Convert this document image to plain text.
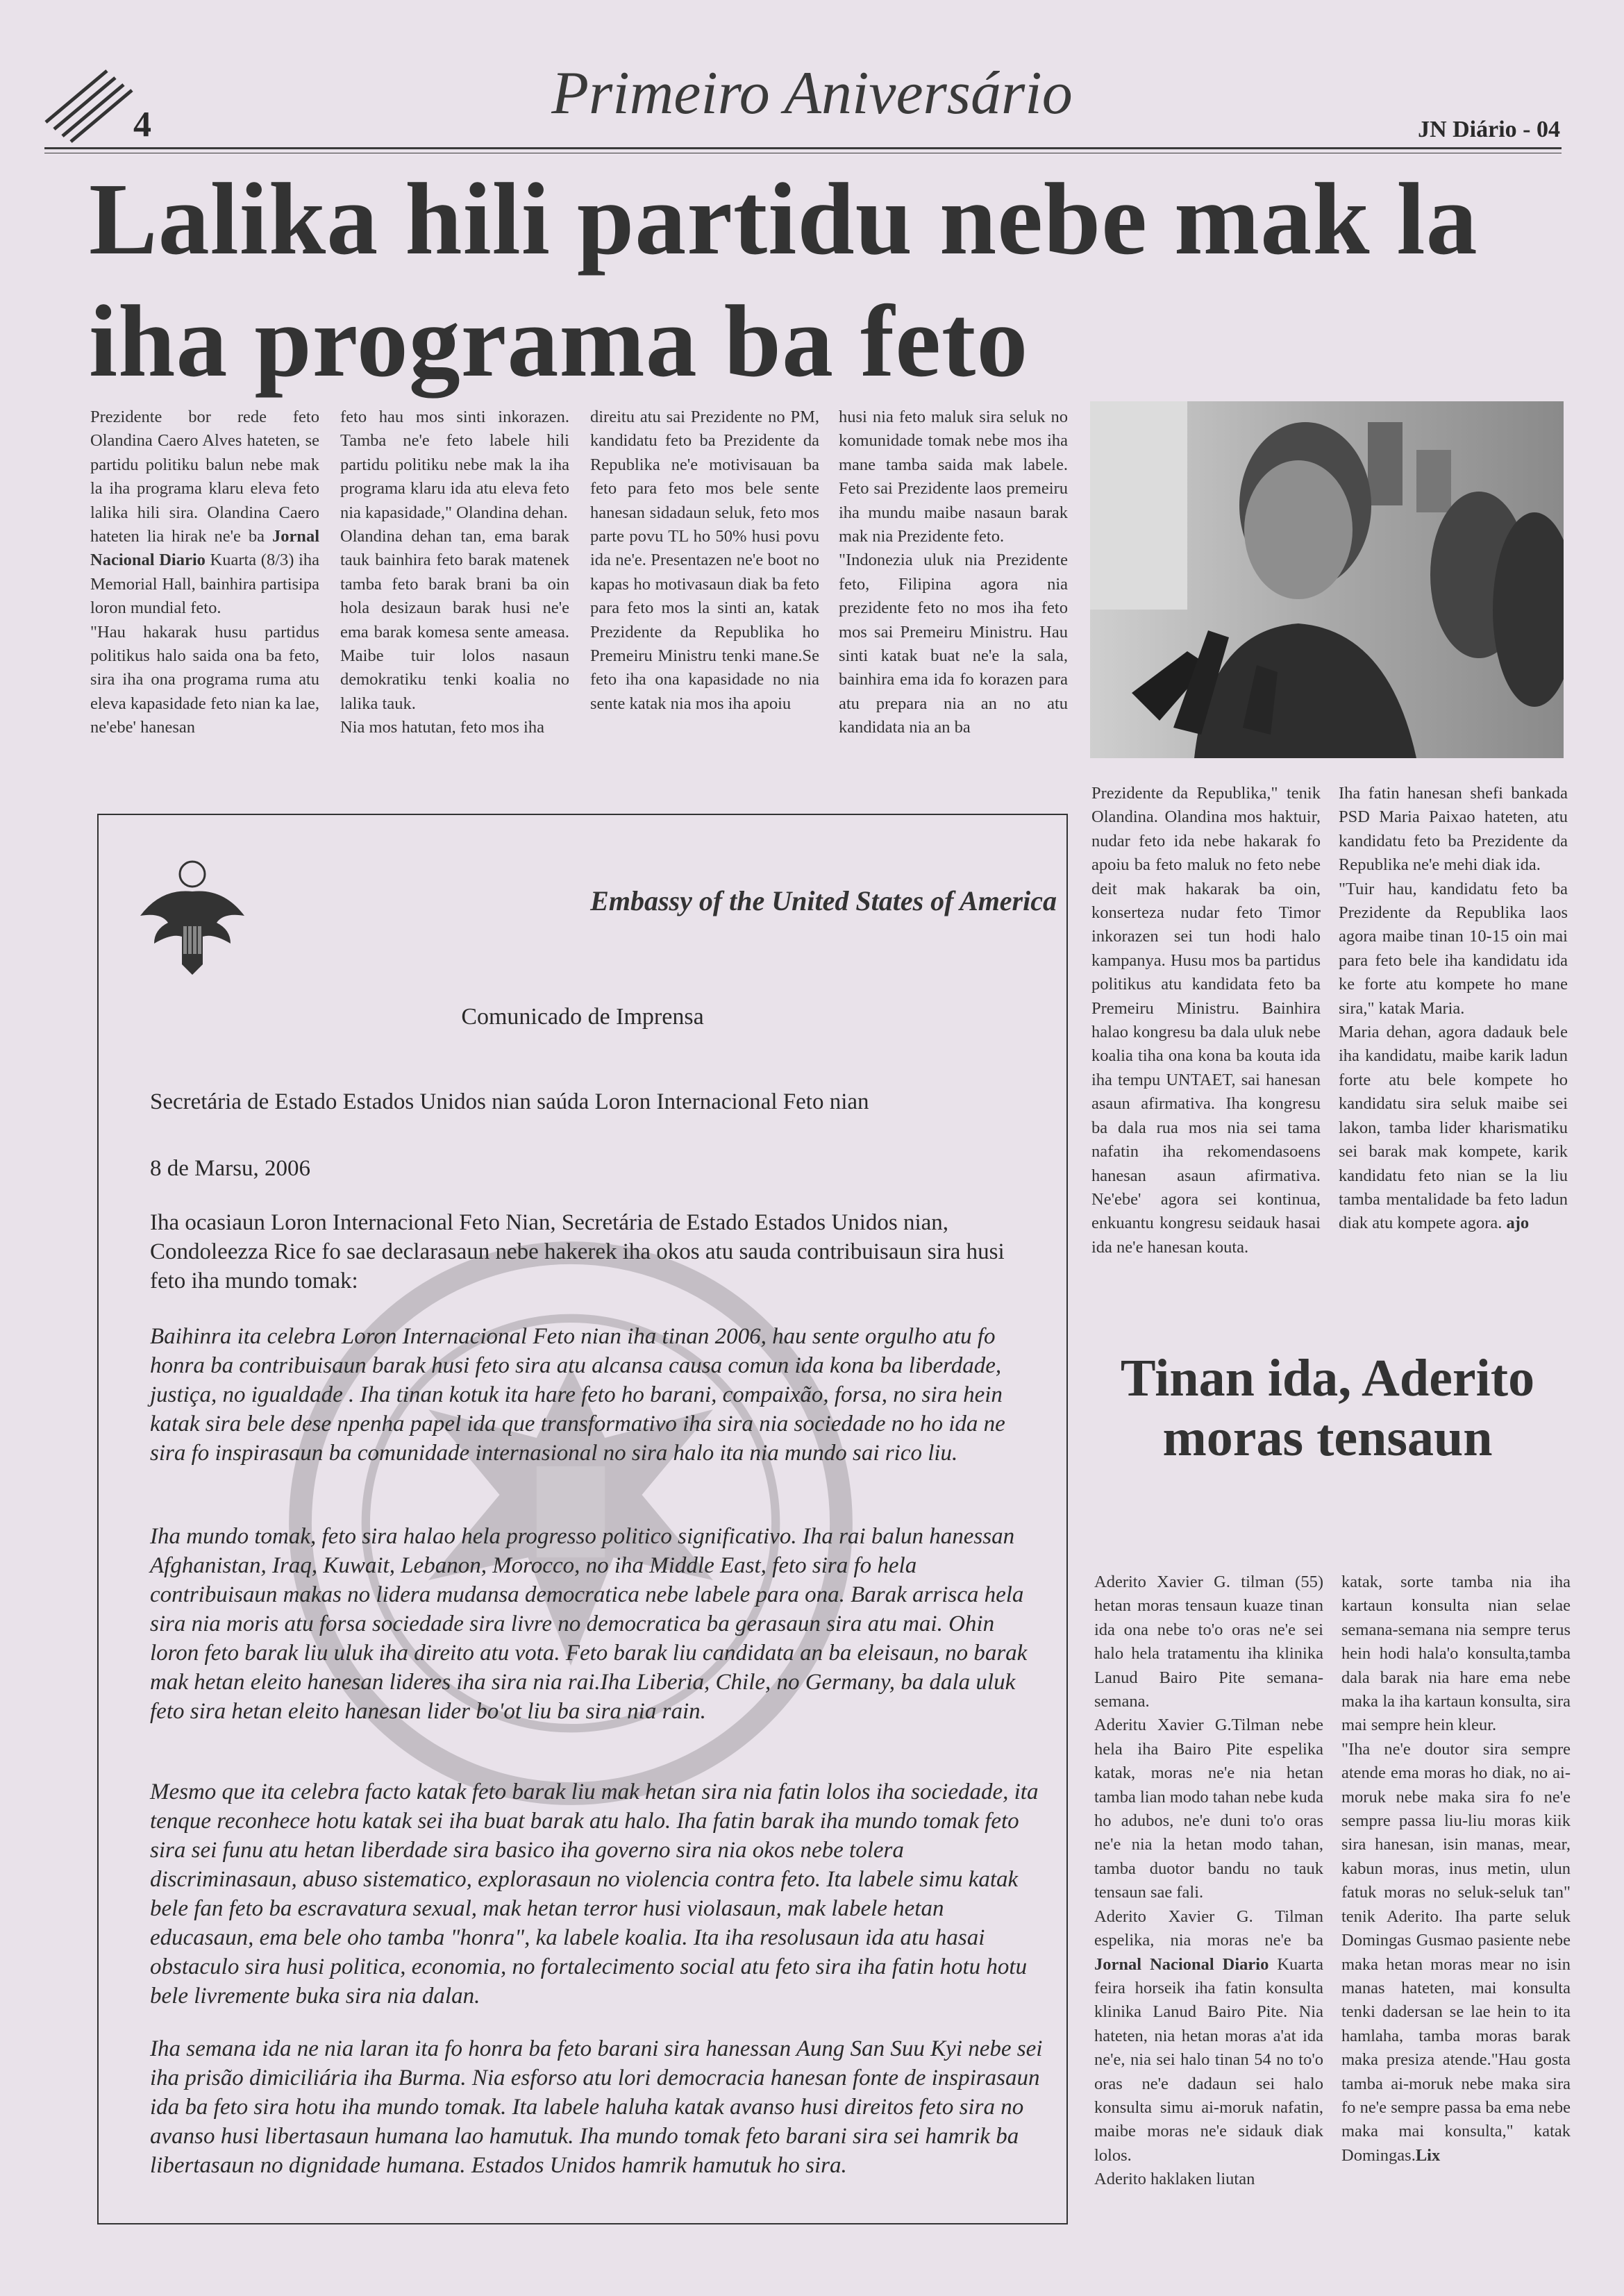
4	Primeiro Aniversário
JN Diário - 04
Lalika hili partidu nebe mak la iha programa ba feto

Prezidente bor rede feto Olandina Caero Alves hateten, se partidu politiku balun nebe mak la iha programa klaru eleva feto lalika hili sira. Olandina Caero hateten lia hirak ne'e ba Jornal Nacional Diario Kuarta (8/3) iha Memorial Hall, bainhira partisipa loron mundial feto.

"Hau hakarak husu partidus politikus halo saida ona ba feto, sira iha ona programa ruma atu eleva kapasidade feto nian ka lae, ne'ebe' hanesan

feto hau mos sinti inkorazen. Tamba ne'e feto labele hili partidu politiku nebe mak la iha programa klaru ida atu eleva feto nia kapasidade," Olandina dehan.

Olandina dehan tan, ema barak tauk bainhira feto barak matenek tamba feto barak brani ba oin hola desizaun barak husi ne'e ema barak komesa sente ameasa. Maibe tuir lolos nasaun demokratiku tenki koalia no lalika tauk.

Nia mos hatutan, feto mos iha

direitu atu sai Prezidente no PM, kandidatu feto ba Prezidente da Republika ne'e motivisauan ba feto para feto mos bele sente hanesan sidadaun seluk, feto mos parte povu TL ho 50% husi povu ida ne'e. Presentazen ne'e boot no kapas ho motivasaun diak ba feto para feto mos la sinti an, katak Prezidente da Republika ho Premeiru Ministru tenki mane.Se feto iha ona kapasidade no nia sente katak nia mos iha apoiu

husi nia feto maluk sira seluk no komunidade tomak nebe mos iha mane tamba saida mak labele. Feto sai Prezidente laos premeiru iha mundu maibe nasaun barak mak nia Prezidente feto.

"Indonezia uluk nia Prezidente feto, Filipina agora nia prezidente feto no mos iha feto mos sai Premeiru Ministru. Hau sinti katak buat ne'e la sala, bainhira ema ida fo korazen para atu prepara nia an no atu kandidata nia an ba

Prezidente da Republika," tenik Olandina. Olandina mos haktuir, nudar feto ida nebe hakarak fo apoiu ba feto maluk no feto nebe deit mak hakarak ba oin, konserteza nudar feto Timor inkorazen sei tun hodi halo kampanya. Husu mos ba partidus politikus atu kandidata feto ba Premeiru Ministru. Bainhira halao kongresu ba dala uluk nebe koalia tiha ona kona ba kouta ida iha tempu UNTAET, sai hanesan asaun afirmativa. Iha kongresu ba dala rua mos nia sei tama nafatin iha rekomendasoens hanesan asaun afirmativa. Ne'ebe' agora sei kontinua, enkuantu kongresu seidauk hasai ida ne'e hanesan kouta.

Iha fatin hanesan shefi bankada PSD Maria Paixao hateten, atu kandidatu feto ba Prezidente da Republika ne'e mehi diak ida.

"Tuir hau, kandidatu feto ba Prezidente da Republika laos agora maibe tinan 10-15 oin mai para feto bele iha kandidatu ida ke forte atu kompete ho mane sira," katak Maria.

Maria dehan, agora dadauk bele iha kandidatu, maibe karik ladun forte atu bele kompete ho kandidatu sira seluk maibe sei lakon, tamba lider kharismatiku sei barak mak kompete, karik kandidatu feto nian se la liu tamba mentalidade ba feto ladun diak atu kompete agora. ajo

Embassy of the United States of America
Comunicado de Imprensa
Secretária de Estado Estados Unidos nian saúda Loron Internacional Feto nian
8 de Marsu, 2006
Iha ocasiaun Loron Internacional Feto Nian, Secretária de Estado Estados Unidos nian, Condoleezza Rice fo sae declarasaun nebe hakerek iha okos atu sauda contribuisaun sira husi feto iha mundo tomak:
Baihinra ita celebra Loron Internacional Feto nian iha tinan 2006, hau sente orgulho atu fo honra ba contribuisaun barak husi feto sira atu alcansa causa comun ida kona ba liberdade, justiça, no igualdade . Iha tinan kotuk ita hare feto ho barani, compaixão, forsa, no sira hein katak sira bele dese npenha papel ida que transformativo iha sira nia sociedade no ho ida ne sira fo inspirasaun ba comunidade internasional no sira halo ita nia mundo sai rico liu.
Iha mundo tomak, feto sira halao hela progresso politico significativo. Iha rai balun hanessan Afghanistan, Iraq, Kuwait, Lebanon, Morocco, no iha Middle East, feto sira fo hela contribuisaun makas no lidera mudansa democratica nebe labele para ona. Barak arrisca hela sira nia moris atu forsa sociedade sira livre no democratica ba gerasaun sira atu mai. Ohin loron feto barak liu uluk iha direito atu vota. Feto barak liu candidata an ba eleisaun, no barak mak hetan eleito hanesan lideres iha sira nia rai.Iha Liberia, Chile, no Germany, ba dala uluk feto sira hetan eleito hanesan lider bo'ot liu ba sira nia rain.
Mesmo que ita celebra facto katak feto barak liu mak hetan sira nia fatin lolos iha sociedade, ita tenque reconhece hotu katak sei iha buat barak atu halo. Iha fatin barak iha mundo tomak feto sira sei funu atu hetan liberdade sira basico iha governo sira nia okos nebe tolera discriminasaun, abuso sistematico, explorasaun no violencia contra feto. Ita labele simu katak bele fan feto ba escravatura sexual, mak hetan terror husi violasaun, mak labele hetan educasaun, ema bele oho tamba "honra", ka labele koalia. Ita iha resolusaun ida atu hasai obstaculo sira husi politica, economia, no fortalecimento social atu feto sira iha fatin hotu hotu bele livremente buka sira nia dalan.
Iha semana ida ne nia laran ita fo honra ba feto barani sira hanessan Aung San Suu Kyi nebe sei iha prisão dimiciliária iha Burma. Nia esforso atu lori democracia hanesan fonte de inspirasaun ida ba feto sira hotu iha mundo tomak. Ita labele haluha katak avanso husi direitos feto sira no avanso husi libertasaun humana lao hamutuk. Iha mundo tomak feto barani sira sei hamrik ba libertasaun no dignidade humana. Estados Unidos hamrik hamutuk ho sira.
Tinan ida, Aderito moras tensaun

Aderito Xavier G. tilman (55) hetan moras tensaun kuaze tinan ida ona nebe to'o oras ne'e sei halo hela tratamentu iha klinika Lanud Bairo Pite semana-semana.

Aderitu Xavier G.Tilman nebe hela iha Bairo Pite espelika katak, moras ne'e nia hetan tamba lian modo tahan nebe kuda ho adubos, ne'e duni to'o oras ne'e nia la hetan modo tahan, tamba duotor bandu no tauk tensaun sae fali.

Aderito Xavier G. Tilman espelika, nia moras ne'e ba Jornal Nacional Diario Kuarta feira horseik iha fatin konsulta klinika Lanud Bairo Pite. Nia hateten, nia hetan moras a'at ida ne'e, nia sei halo tinan 54 no to'o oras ne'e dadaun sei halo konsulta simu ai-moruk nafatin, maibe moras ne'e sidauk diak lolos.

Aderito haklaken liutan

katak, sorte tamba nia iha kartaun konsulta nian selae semana-semana nia sempre terus hein hodi hala'o konsulta,tamba dala barak nia hare ema nebe maka la iha kartaun konsulta, sira mai sempre hein kleur.

"Iha ne'e doutor sira sempre atende ema moras ho diak, no ai-moruk nebe maka sira fo ne'e sempre passa liu-liu moras kiik sira hanesan, isin manas, mear, kabun moras, inus metin, ulun fatuk moras no seluk-seluk tan" tenik Aderito. Iha parte seluk Domingas Gusmao pasiente nebe maka hetan moras mear no isin manas hateten, mai konsulta tenki dadersan se lae hein to ita hamlaha, tamba moras barak maka presiza atende."Hau gosta tamba ai-moruk nebe maka sira fo ne'e sempre passa ba ema nebe maka mai konsulta," katak Domingas.Lix
